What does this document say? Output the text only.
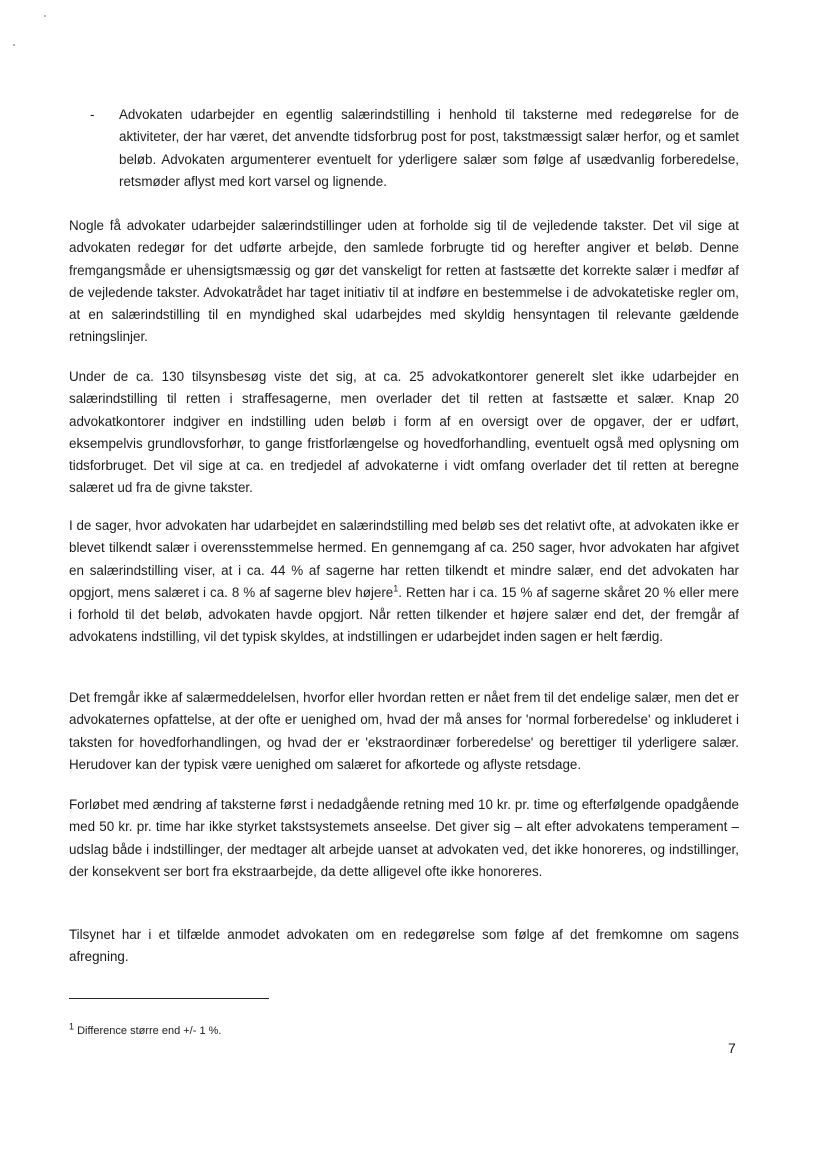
-	Advokaten udarbejder en egentlig salærindstilling i henhold til taksterne med redegørelse for de aktiviteter, der har været, det anvendte tidsforbrug post for post, takstmæssigt salær herfor, og et samlet beløb. Advokaten argumenterer eventuelt for yderligere salær som følge af usædvanlig forberedelse, retsmøder aflyst med kort varsel og lignende.

Nogle få advokater udarbejder salærindstillinger uden at forholde sig til de vejledende takster. Det vil sige at advokaten redegør for det udførte arbejde, den samlede forbrugte tid og herefter angiver et beløb. Denne fremgangsmåde er uhensigtsmæssig og gør det vanskeligt for retten at fastsætte det korrekte salær i medfør af de vejledende takster. Advokatrådet har taget initiativ til at indføre en bestemmelse i de advokatetiske regler om, at en salærindstilling til en myndighed skal udarbejdes med skyldig hensyntagen til relevante gældende retningslinjer.

Under de ca. 130 tilsynsbesøg viste det sig, at ca. 25 advokatkontorer generelt slet ikke udarbejder en salærindstilling til retten i straffesagerne, men overlader det til retten at fastsætte et salær. Knap 20 advokatkontorer indgiver en indstilling uden beløb i form af en oversigt over de opgaver, der er udført, eksempelvis grundlovsforhør, to gange fristforlængelse og hovedforhandling, eventuelt også med oplysning om tidsforbruget. Det vil sige at ca. en tredjedel af advokaterne i vidt omfang overlader det til retten at beregne salæret ud fra de givne takster.

I de sager, hvor advokaten har udarbejdet en salærindstilling med beløb ses det relativt ofte, at advokaten ikke er blevet tilkendt salær i overensstemmelse hermed. En gennemgang af ca. 250 sager, hvor advokaten har afgivet en salærindstilling viser, at i ca. 44 % af sagerne har retten tilkendt et mindre salær, end det advokaten har opgjort, mens salæret i ca. 8 % af sagerne blev højere$^1$. Retten har i ca. 15 % af sagerne skåret 20 % eller mere i forhold til det beløb, advokaten havde opgjort. Når retten tilkender et højere salær end det, der fremgår af advokatens indstilling, vil det typisk skyldes, at indstillingen er udarbejdet inden sagen er helt færdig.

Det fremgår ikke af salærmeddelelsen, hvorfor eller hvordan retten er nået frem til det endelige salær, men det er advokaternes opfattelse, at der ofte er uenighed om, hvad der må anses for 'normal forberedelse' og inkluderet i taksten for hovedforhandlingen, og hvad der er 'ekstraordinær forberedelse' og berettiger til yderligere salær. Herudover kan der typisk være uenighed om salæret for afkortede og aflyste retsdage.

Forløbet med ændring af taksterne først i nedadgående retning med 10 kr. pr. time og efterfølgende opadgående med 50 kr. pr. time har ikke styrket takstsystemets anseelse. Det giver sig – alt efter advokatens temperament – udslag både i indstillinger, der medtager alt arbejde uanset at advokaten ved, det ikke honoreres, og indstillinger, der konsekvent ser bort fra ekstraarbejde, da dette alligevel ofte ikke honoreres.

Tilsynet har i et tilfælde anmodet advokaten om en redegørelse som følge af det fremkomne om sagens afregning.

$^1$ Difference større end +/- 1 %.
7
